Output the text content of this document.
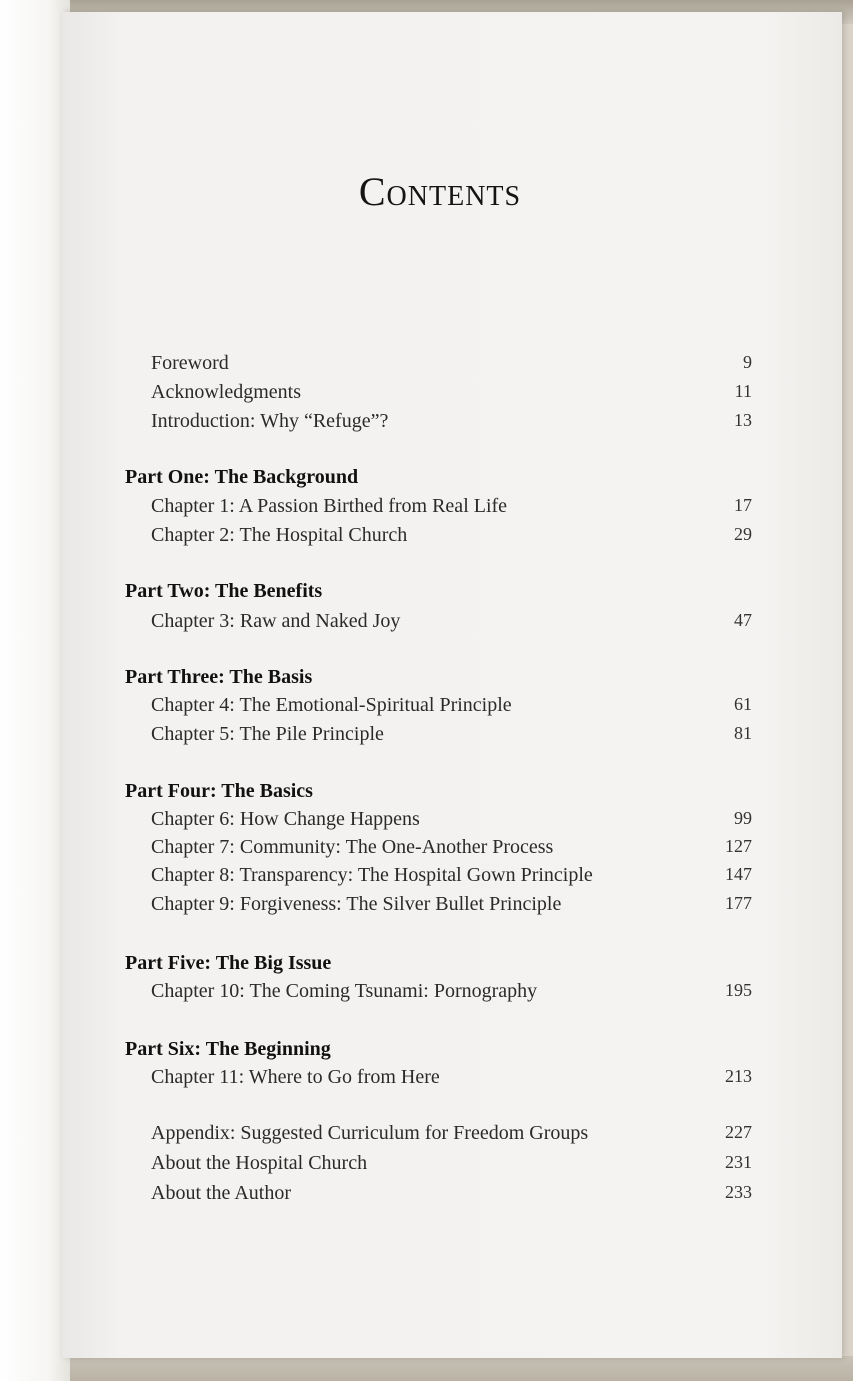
Contents
Foreword	9
Acknowledgments	11
Introduction: Why “Refuge”?	13
Part One: The Background
Chapter 1: A Passion Birthed from Real Life	17
Chapter 2: The Hospital Church	29
Part Two: The Benefits
Chapter 3: Raw and Naked Joy	47
Part Three: The Basis
Chapter 4: The Emotional-Spiritual Principle	61
Chapter 5: The Pile Principle	81
Part Four: The Basics
Chapter 6: How Change Happens	99
Chapter 7: Community: The One-Another Process	127
Chapter 8: Transparency: The Hospital Gown Principle	147
Chapter 9: Forgiveness: The Silver Bullet Principle	177
Part Five: The Big Issue
Chapter 10: The Coming Tsunami: Pornography	195
Part Six: The Beginning
Chapter 11: Where to Go from Here	213
Appendix: Suggested Curriculum for Freedom Groups	227
About the Hospital Church	231
About the Author	233
